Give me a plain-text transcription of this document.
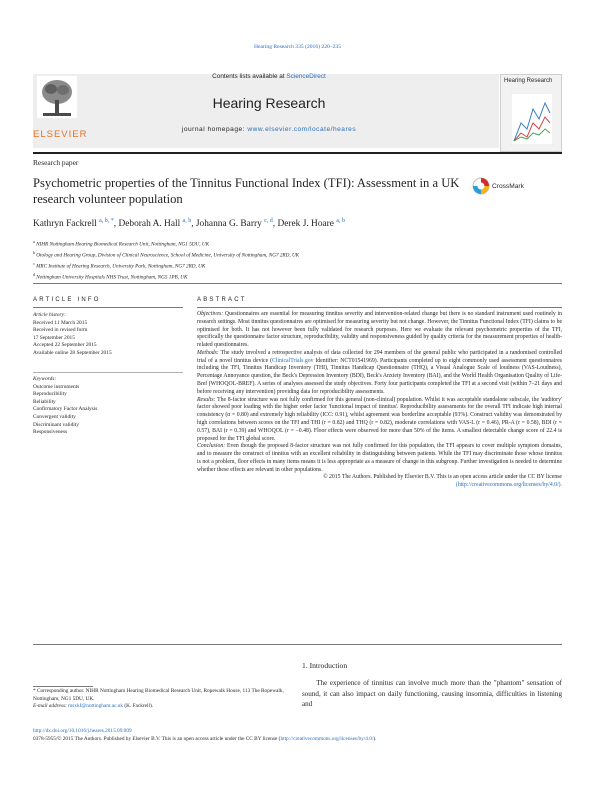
Hearing Research 335 (2016) 220–235
ELSEVIER
Contents lists available at ScienceDirect
Hearing Research
journal homepage: www.elsevier.com/locate/heares
Hearing Research
Research paper
Psychometric properties of the Tinnitus Functional Index (TFI): Assessment in a UK research volunteer population
CrossMark
Kathryn Fackrell $^{a, b, *}$, Deborah A. Hall $^{a, b}$, Johanna G. Barry $^{c, d}$, Derek J. Hoare $^{a, b}$
$^a$ NIHR Nottingham Hearing Biomedical Research Unit, Nottingham, NG1 5DU, UK
$^b$ Otology and Hearing Group, Division of Clinical Neuroscience, School of Medicine, University of Nottingham, NG7 2RD, UK
$^c$ MRC Institute of Hearing Research, University Park, Nottingham, NG7 2RD, UK
$^d$ Nottingham University Hospitals NHS Trust, Nottingham, NG5 1PB, UK
ARTICLE INFO
Article history:
Received 11 March 2015
Received in revised form
17 September 2015
Accepted 22 September 2015
Available online 28 September 2015
Keywords:
Outcome instruments
Reproducibility
Reliability
Confirmatory Factor Analysis
Convergent validity
Discriminant validity
Responsiveness
ABSTRACT

Objectives: Questionnaires are essential for measuring tinnitus severity and intervention-related change but there is no standard instrument used routinely in research settings. Most tinnitus questionnaires are optimised for measuring severity but not change. However, the Tinnitus Functional Index (TFI) claims to be optimised for both. It has not however been fully validated for research purposes. Here we evaluate the relevant psychometric properties of the TFI, specifically the questionnaire factor structure, reproducibility, validity and responsiveness guided by quality criteria for the measurement properties of health-related questionnaires.

Methods: The study involved a retrospective analysis of data collected for 294 members of the general public who participated in a randomised controlled trial of a novel tinnitus device (ClinicalTrials.gov Identifier: NCT01541969). Participants completed up to eight commonly used assessment questionnaires including the TFI, Tinnitus Handicap Inventory (THI), Tinnitus Handicap Questionnaire (THQ), a Visual Analogue Scale of loudness (VAS-Loudness), Percentage Annoyance question, the Beck's Depression Inventory (BDI), Beck's Anxiety Inventory (BAI), and the World Health Organisation Quality of Life-Bref (WHOQOL-BREF). A series of analyses assessed the study objectives. Forty four participants completed the TFI at a second visit (within 7–21 days and before receiving any intervention) providing data for reproducibility assessments.

Results: The 8-factor structure was not fully confirmed for this general (non-clinical) population. Whilst it was acceptable standalone subscale, the 'auditory' factor showed poor loading with the higher order factor 'functional impact of tinnitus'. Reproducibility assessments for the overall TFI indicate high internal consistency (α = 0.80) and extremely high reliability (ICC: 0.91), whilst agreement was borderline acceptable (93%). Construct validity was demonstrated by high correlations between scores on the TFI and THI (r = 0.82) and THQ (r = 0.82), moderate correlations with VAS-L (r = 0.46), PR-A (r = 0.58), BDI (r = 0.57), BAI (r = 0.39) and WHOQOL (r = −0.48). Floor effects were observed for more than 50% of the items. A smallest detectable change score of 22.4 is proposed for the TFI global score.

Conclusion: Even though the proposed 8-factor structure was not fully confirmed for this population, the TFI appears to cover multiple symptom domains, and to measure the construct of tinnitus with an excellent reliability in distinguishing between patients. While the TFI may discriminate those whose tinnitus is not a problem, floor effects in many items means it is less appropriate as a measure of change in this subgroup. Further investigation is needed to determine whether these effects are relevant in other populations.

© 2015 The Authors. Published by Elsevier B.V. This is an open access article under the CC BY license
(http://creativecommons.org/licenses/by/4.0/).

1. Introduction
  The experience of tinnitus can involve much more than the "phantom" sensation of sound, it can also impact on daily functioning, causing insomnia, difficulties in listening and
* Corresponding author. NIHR Nottingham Hearing Biomedical Research Unit, Ropewalk House, 113 The Ropewalk, Nottingham, NG1 5DU, UK.
E-mail address: msxkf@nottingham.ac.uk (K. Fackrell).
http://dx.doi.org/10.1016/j.heares.2015.09.009
0378-5955/© 2015 The Authors. Published by Elsevier B.V. This is an open access article under the CC BY license (http://creativecommons.org/licenses/by/4.0/).
